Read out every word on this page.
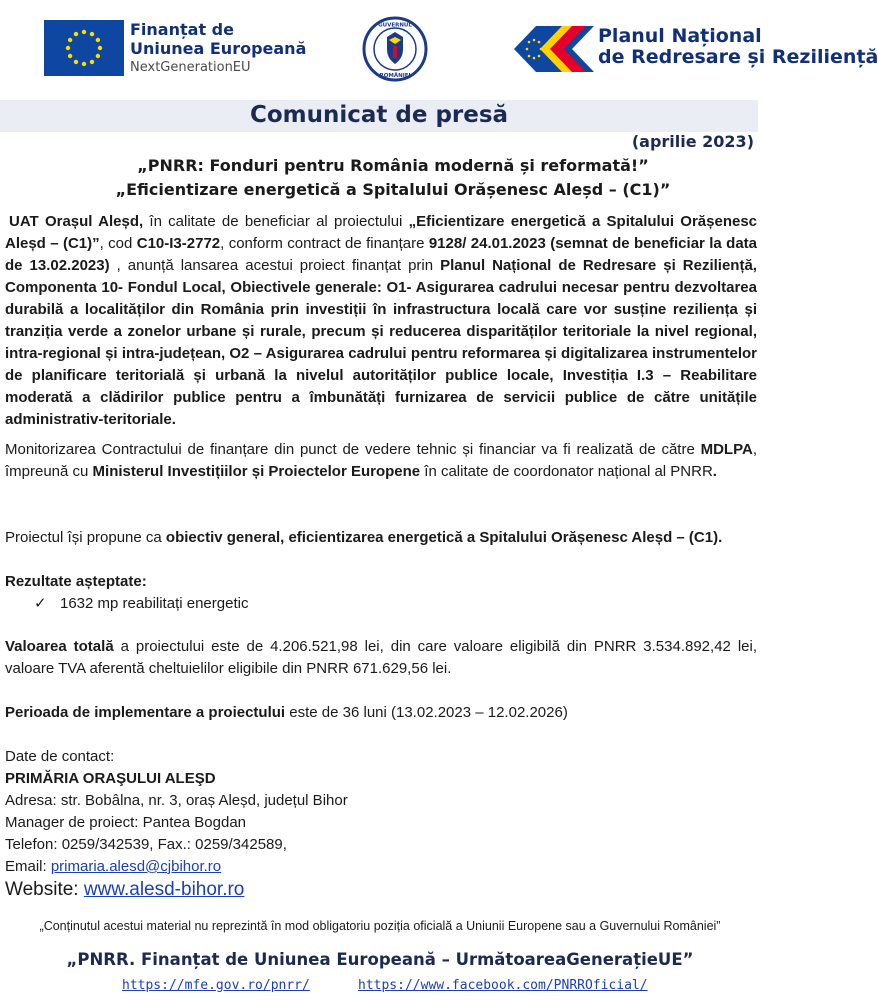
Finanțat de
Uniunea Europeană
NextGenerationEU
GUVERNUL
ROMÂNIEI
Planul Național
de Redresare și Reziliență
Comunicat de presă
(aprilie 2023)
„PNRR: Fonduri pentru România modernă și reformată!”
„Eficientizare energetică a Spitalului Orășenesc Aleșd – (C1)”
UAT Orașul Aleșd, în calitate de beneficiar al proiectului „Eficientizare energetică a Spitalului Orășenesc Aleșd – (C1)”, cod C10-I3-2772, conform contract de finanțare 9128/ 24.01.2023 (semnat de beneficiar la data de 13.02.2023) , anunță lansarea acestui proiect finanțat prin Planul Național de Redresare și Reziliență, Componenta 10- Fondul Local, Obiectivele generale: O1- Asigurarea cadrului necesar pentru dezvoltarea durabilă a localităților din România prin investiții în infrastructura locală care vor susține reziliența și tranziția verde a zonelor urbane și rurale, precum și reducerea disparităților teritoriale la nivel regional, intra-regional și intra-județean, O2 – Asigurarea cadrului pentru reformarea și digitalizarea instrumentelor de planificare teritorială și urbană la nivelul autorităților publice locale, Investiția I.3 – Reabilitare moderată a clădirilor publice pentru a îmbunătăți furnizarea de servicii publice de către unitățile administrativ-teritoriale.
Monitorizarea Contractului de finanțare din punct de vedere tehnic și financiar va fi realizată de către MDLPA, împreună cu Ministerul Investițiilor și Proiectelor Europene în calitate de coordonator național al PNRR.
Proiectul își propune ca obiectiv general, eficientizarea energetică a Spitalului Orășenesc Aleșd – (C1).
Rezultate așteptate:
✓ 1632 mp reabilitați energetic
Valoarea totală a proiectului este de 4.206.521,98 lei, din care valoare eligibilă din PNRR 3.534.892,42 lei, valoare TVA aferentă cheltuielilor eligibile din PNRR 671.629,56 lei.
Perioada de implementare a proiectului este de 36 luni (13.02.2023 – 12.02.2026)
Date de contact:
PRIMĂRIA ORAŞULUI ALEŞD
Adresa: str. Bobâlna, nr. 3, oraș Aleșd, județul Bihor
Manager de proiect: Pantea Bogdan
Telefon: 0259/342539, Fax.: 0259/342589,
Email: primaria.alesd@cjbihor.ro
Website: www.alesd-bihor.ro
„Conținutul acestui material nu reprezintă în mod obligatoriu poziția oficială a Uniunii Europene sau a Guvernului României”
„PNRR. Finanțat de Uniunea Europeană – UrmătoareaGenerațieUE”
https://mfe.gov.ro/pnrr/	https://www.facebook.com/PNRROficial/
